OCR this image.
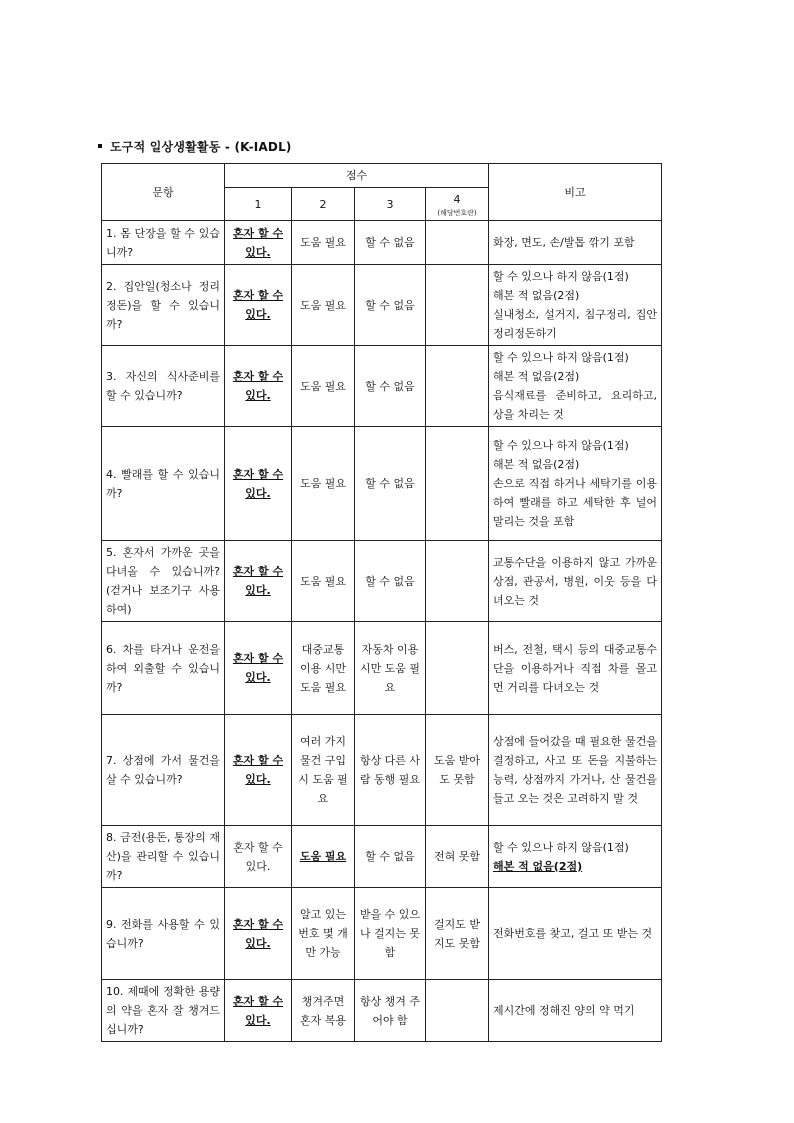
도구적 일상생활활동 - (K-IADL)
문항	점수				비고
	1	2	3	4
(해당번호란)	

1. 몸 단장을 할 수 있습니까?	혼자 할 수 있다.	도움 필요	할 수 없음		화장, 면도, 손/발톱 깎기 포함
2. 집안일(청소나 정리정돈)을 할 수 있습니까?	혼자 할 수 있다.	도움 필요	할 수 없음		할 수 있으나 하지 않음(1점)
해본 적 없음(2점)
실내청소, 설거지, 침구정리, 집안 정리정돈하기

3. 자신의 식사준비를 할 수 있습니까?	혼자 할 수 있다.	도움 필요	할 수 없음		할 수 있으나 하지 않음(1점)
해본 적 없음(2점)
음식재료를 준비하고, 요리하고, 상을 차리는 것

4. 빨래를 할 수 있습니까?	혼자 할 수 있다.	도움 필요	할 수 없음		할 수 있으나 하지 않음(1점)
해본 적 없음(2점)
손으로 직접 하거나 세탁기를 이용하여 빨래를 하고 세탁한 후 널어 말리는 것을 포함

5. 혼자서 가까운 곳을 다녀올 수 있습니까? (걷거나 보조기구 사용하여)	혼자 할 수 있다.	도움 필요	할 수 없음		교통수단을 이용하지 않고 가까운 상점, 관공서, 병원, 이웃 등을 다녀오는 것
6. 차를 타거나 운전을 하여 외출할 수 있습니까?	혼자 할 수 있다.	대중교통 이용 시만 도움 필요	자동차 이용 시만 도움 필요		버스, 전철, 택시 등의 대중교통수단을 이용하거나 직접 차를 몰고 먼 거리를 다녀오는 것
7. 상점에 가서 물건을 살 수 있습니까?	혼자 할 수 있다.	여러 가지 물건 구입 시 도움 필요	항상 다른 사람 동행 필요	도움 받아도 못함	상점에 들어갔을 때 필요한 물건을 결정하고, 사고 또 돈을 지불하는 능력, 상점까지 가거나, 산 물건을 들고 오는 것은 고려하지 말 것
8. 금전(용돈, 통장의 재산)을 관리할 수 있습니까?	혼자 할 수 있다.	도움 필요	할 수 없음	전혀 못함	할 수 있으나 하지 않음(1점)
해본 적 없음(2점)

9. 전화를 사용할 수 있습니까?	혼자 할 수 있다.	알고 있는 번호 몇 개만 가능	받을 수 있으나 걸지는 못함	걸지도 받지도 못함	전화번호를 찾고, 걸고 또 받는 것
10. 제때에 정확한 용량의 약을 혼자 잘 챙겨드십니까?	혼자 할 수 있다.	챙겨주면 혼자 복용	항상 챙겨 주어야 함		제시간에 정해진 양의 약 먹기
